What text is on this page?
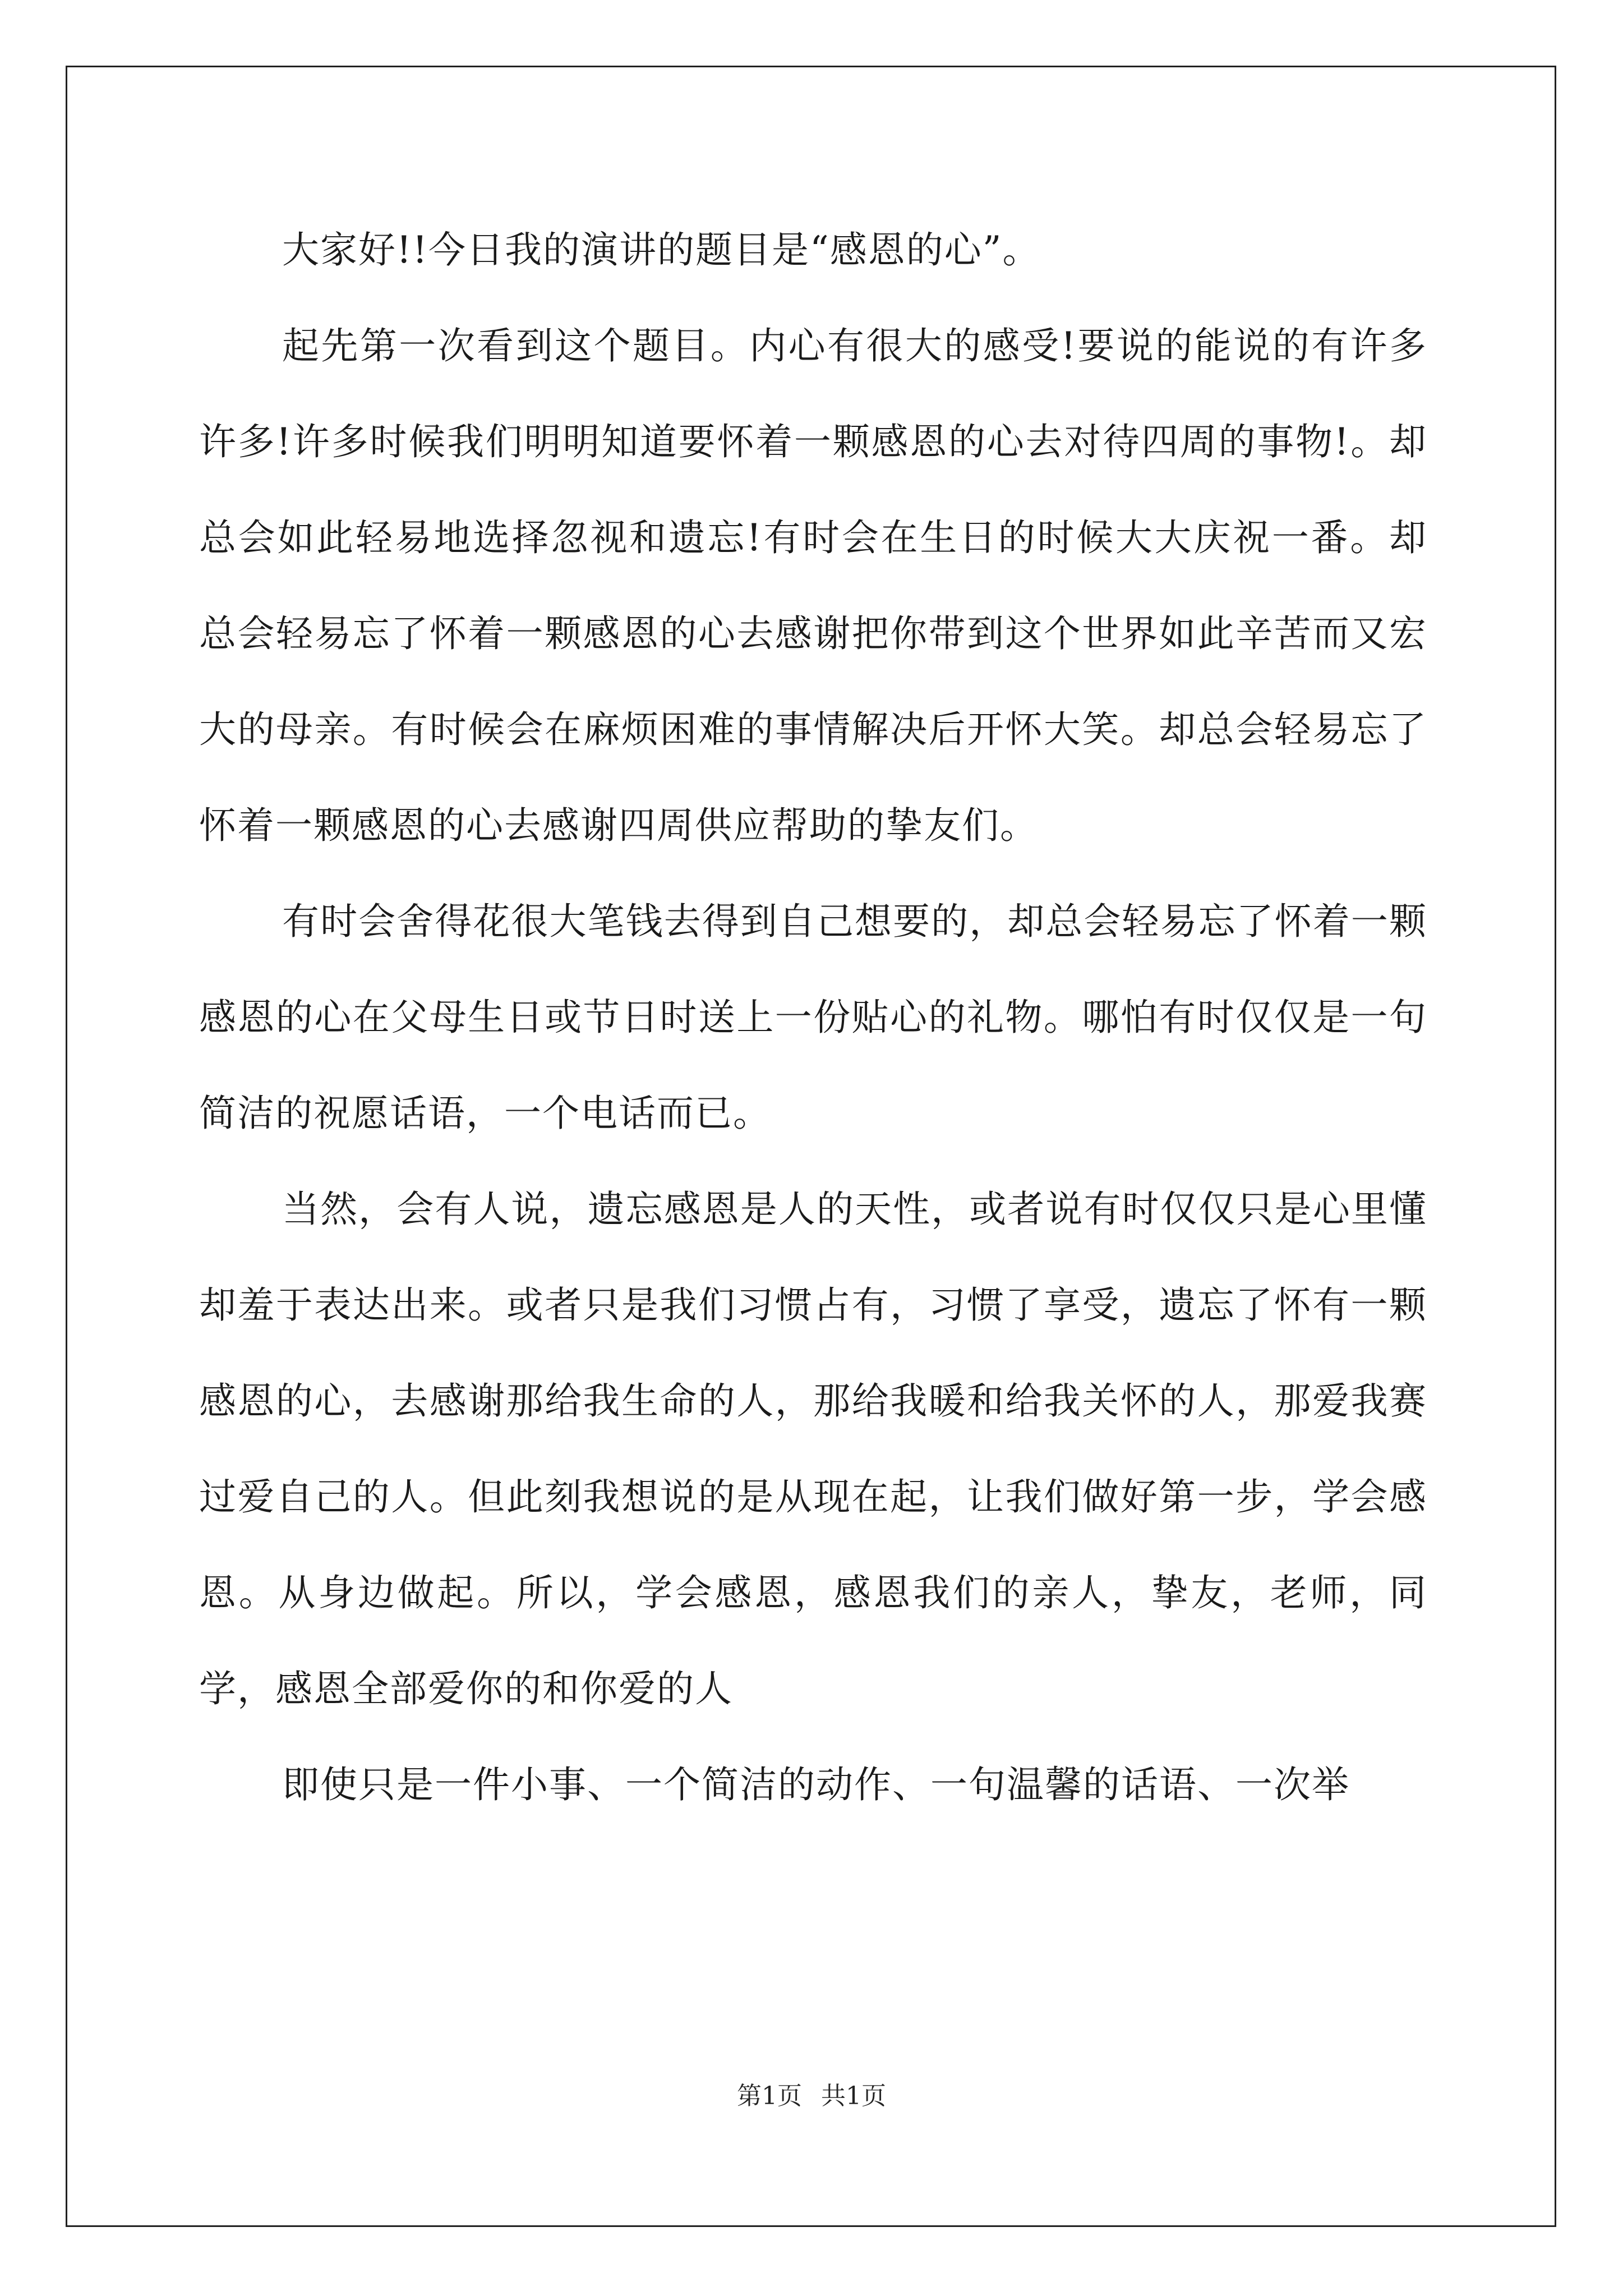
大家好!!今日我的演讲的题目是“感恩的心”。

起先第一次看到这个题目。内心有很大的感受!要说的能说的有许多许多!许多时候我们明明知道要怀着一颗感恩的心去对待四周的事物!。却总会如此轻易地选择忽视和遗忘!有时会在生日的时候大大庆祝一番。却总会轻易忘了怀着一颗感恩的心去感谢把你带到这个世界如此辛苦而又宏大的母亲。有时候会在麻烦困难的事情解决后开怀大笑。却总会轻易忘了怀着一颗感恩的心去感谢四周供应帮助的挚友们。

有时会舍得花很大笔钱去得到自己想要的，却总会轻易忘了怀着一颗感恩的心在父母生日或节日时送上一份贴心的礼物。哪怕有时仅仅是一句简洁的祝愿话语，一个电话而已。

当然，会有人说，遗忘感恩是人的天性，或者说有时仅仅只是心里懂却羞于表达出来。或者只是我们习惯占有，习惯了享受，遗忘了怀有一颗感恩的心，去感谢那给我生命的人，那给我暖和给我关怀的人，那爱我赛过爱自己的人。但此刻我想说的是从现在起，让我们做好第一步，学会感恩。从身边做起。所以，学会感恩，感恩我们的亲人，挚友，老师，同学，感恩全部爱你的和你爱的人

即使只是一件小事、一个简洁的动作、一句温馨的话语、一次举

第1页 共1页
